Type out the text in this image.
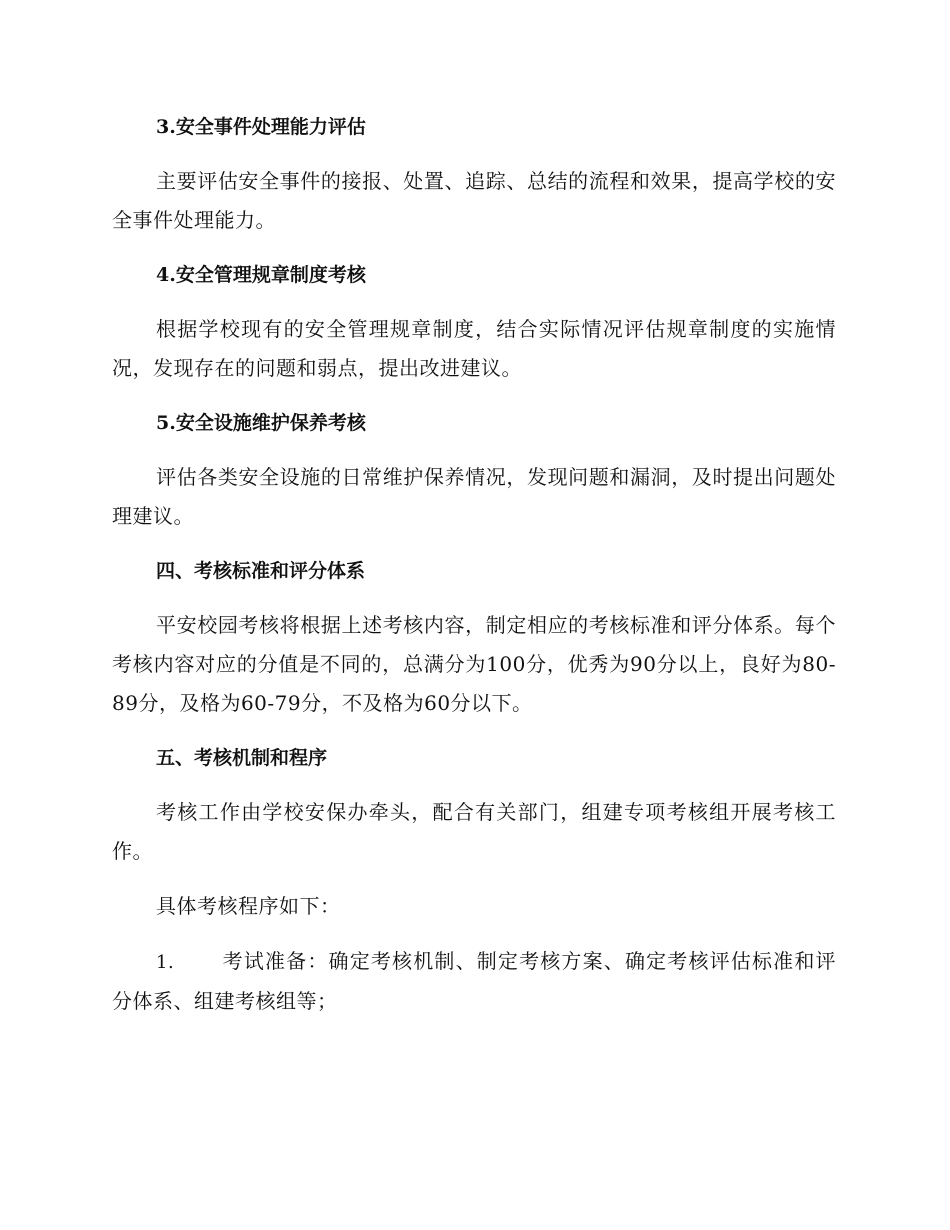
3.安全事件处理能力评估
主要评估安全事件的接报、处置、追踪、总结的流程和效果，提高学校的安全事件处理能力。
4.安全管理规章制度考核
根据学校现有的安全管理规章制度，结合实际情况评估规章制度的实施情况，发现存在的问题和弱点，提出改进建议。
5.安全设施维护保养考核
评估各类安全设施的日常维护保养情况，发现问题和漏洞，及时提出问题处理建议。
四、考核标准和评分体系
平安校园考核将根据上述考核内容，制定相应的考核标准和评分体系。每个考核内容对应的分值是不同的，总满分为100分，优秀为90分以上，良好为80-89分，及格为60-79分，不及格为60分以下。
五、考核机制和程序
考核工作由学校安保办牵头，配合有关部门，组建专项考核组开展考核工作。
具体考核程序如下：
1. 考试准备：确定考核机制、制定考核方案、确定考核评估标准和评分体系、组建考核组等；
